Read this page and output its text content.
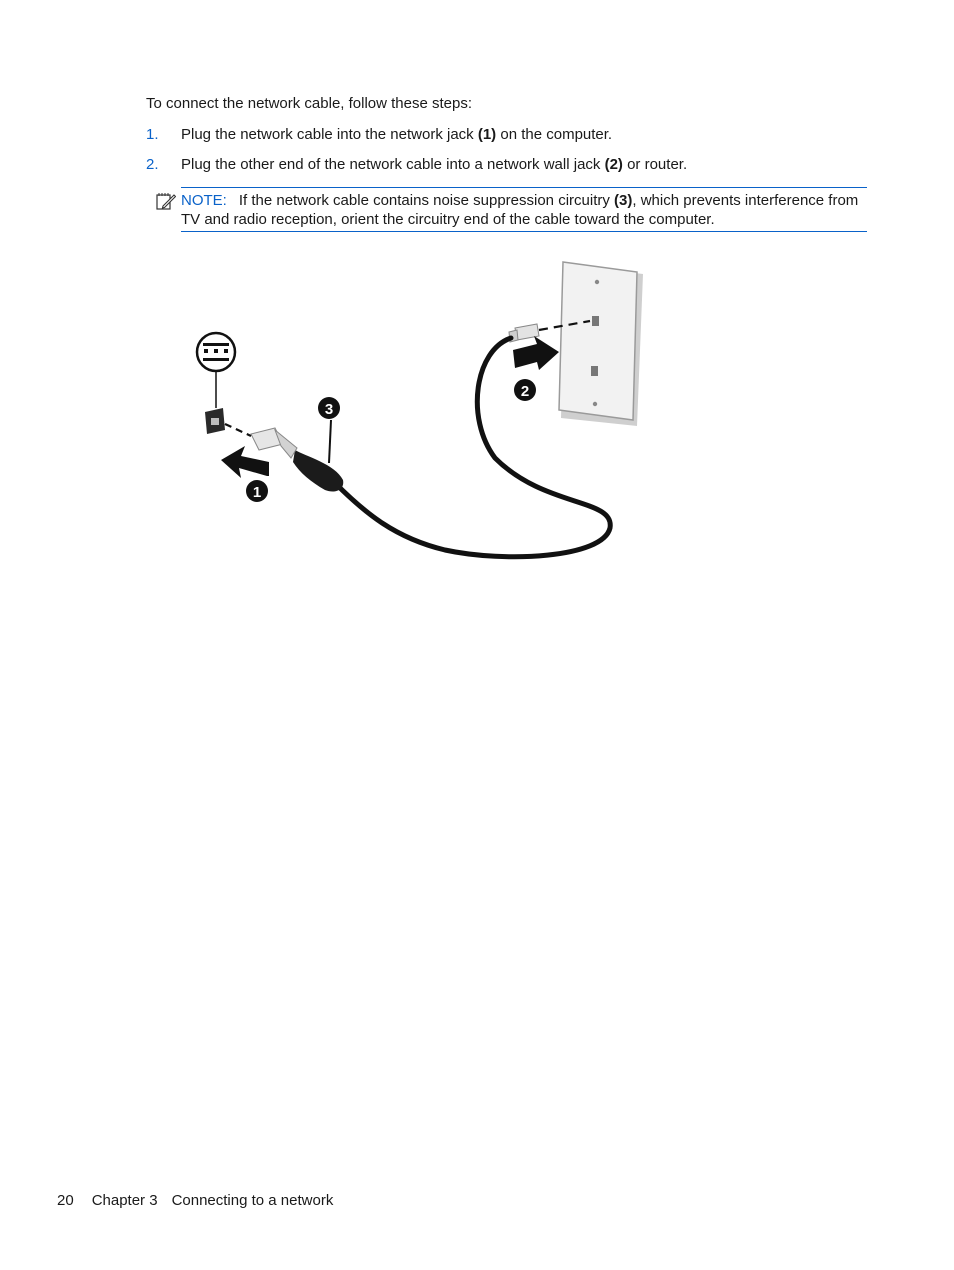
To connect the network cable, follow these steps:

1.	Plug the network cable into the network jack (1) on the computer.
2.	Plug the other end of the network cable into a network wall jack (2) or router.
NOTE: If the network cable contains noise suppression circuitry (3), which prevents interference from TV and radio reception, orient the circuitry end of the cable toward the computer.
2
3
1
20 Chapter 3 Connecting to a network
